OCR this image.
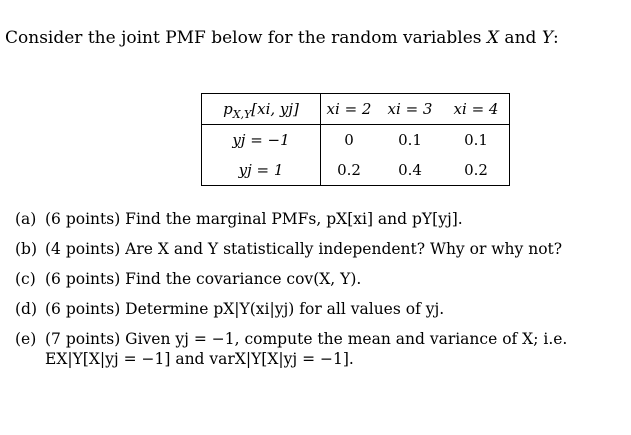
Consider the joint PMF below for the random variables X and Y:
$p_{X,Y}[xi$, yj]	xi = 2	xi = 3	xi = 4
yj = −1	0	0.1	0.1
yj = 1	0.2	0.4	0.2
(a) (6 points) Find the marginal PMFs, pX[xi] and pY[yj].
(b) (4 points) Are X and Y statistically independent? Why or why not?
(c) (6 points) Find the covariance cov(X, Y).
(d) (6 points) Determine pX|Y(xi|yj) for all values of yj.
(e) (7 points) Given yj = −1, compute the mean and variance of X; i.e.
EX|Y[X|yj = −1] and varX|Y[X|yj = −1].
